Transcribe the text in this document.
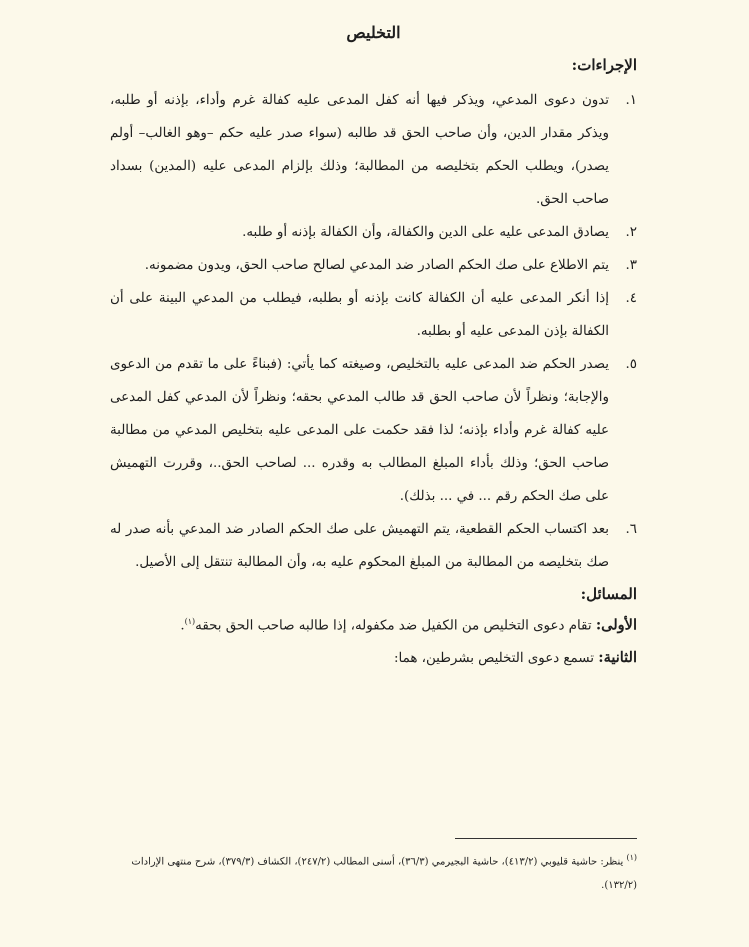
التخليص
الإجراءات:
١.
تدون دعوى المدعي، ويذكر فيها أنه كفل المدعى عليه كفالة غرم وأداء، بإذنه أو طلبه، ويذكر مقدار الدين، وأن صاحب الحق قد طالبه (سواء صدر عليه حكم –وهو الغالب– أولم يصدر)، ويطلب الحكم بتخليصه من المطالبة؛ وذلك بإلزام المدعى عليه (المدين) بسداد صاحب الحق.
٢.
يصادق المدعى عليه على الدين والكفالة، وأن الكفالة بإذنه أو طلبه.
٣.
يتم الاطلاع على صك الحكم الصادر ضد المدعي لصالح صاحب الحق، ويدون مضمونه.
٤.
إذا أنكر المدعى عليه أن الكفالة كانت بإذنه أو بطلبه، فيطلب من المدعي البينة على أن الكفالة بإذن المدعى عليه أو بطلبه.
٥.
يصدر الحكم ضد المدعى عليه بالتخليص، وصيغته كما يأتي: (فبناءً على ما تقدم من الدعوى والإجابة؛ ونظراً لأن صاحب الحق قد طالب المدعي بحقه؛ ونظراً لأن المدعي كفل المدعى عليه كفالة غرم وأداء بإذنه؛ لذا فقد حكمت على المدعى عليه بتخليص المدعي من مطالبة صاحب الحق؛ وذلك بأداء المبلغ المطالب به وقدره ... لصاحب الحق..، وقررت التهميش على صك الحكم رقم ... في ... بذلك).
٦.
بعد اكتساب الحكم القطعية، يتم التهميش على صك الحكم الصادر ضد المدعي بأنه صدر له صك بتخليصه من المطالبة من المبلغ المحكوم عليه به، وأن المطالبة تنتقل إلى الأصيل.
المسائل:

الأولى: تقام دعوى التخليص من الكفيل ضد مكفوله، إذا طالبه صاحب الحق بحقه$^{(١)}$.

الثانية: تسمع دعوى التخليص بشرطين، هما:

$^{(١)}$ ينظر: حاشية قليوبي (٤١٣/٢)، حاشية البجيرمي (٣٦/٣)، أسنى المطالب (٢٤٧/٢)، الكشاف (٣٧٩/٣)، شرح منتهى الإرادات (١٣٢/٢).
